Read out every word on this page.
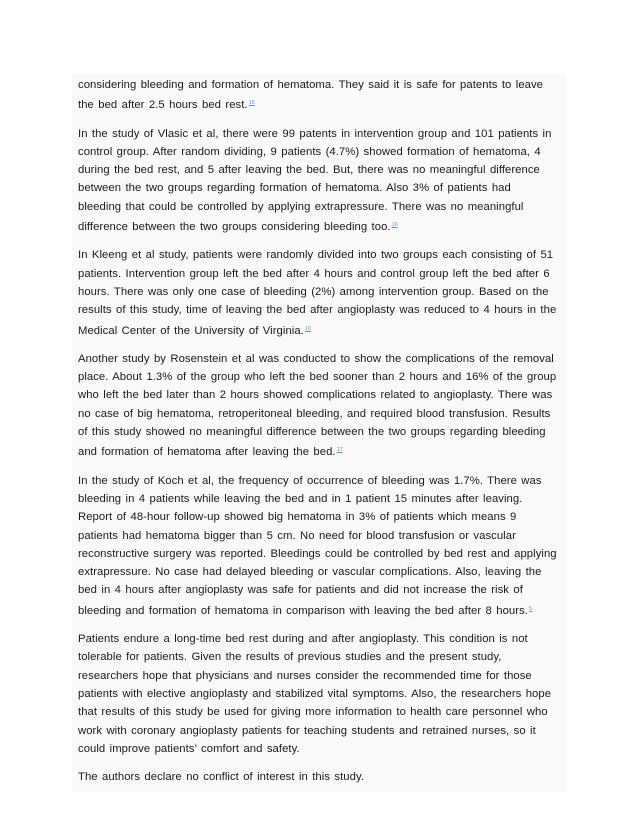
considering bleeding and formation of hematoma. They said it is safe for patents to leave the bed after 2.5 hours bed rest.$^{15}$

In the study of Vlasic et al, there were 99 patents in intervention group and 101 patients in control group. After random dividing, 9 patients (4.7%) showed formation of hematoma, 4 during the bed rest, and 5 after leaving the bed. But, there was no meaningful difference between the two groups regarding formation of hematoma. Also 3% of patients had bleeding that could be controlled by applying extrapressure. There was no meaningful difference between the two groups considering bleeding too.$^{16}$

In Kleeng et al study, patients were randomly divided into two groups each consisting of 51 patients. Intervention group left the bed after 4 hours and control group left the bed after 6 hours. There was only one case of bleeding (2%) among intervention group. Based on the results of this study, time of leaving the bed after angioplasty was reduced to 4 hours in the Medical Center of the University of Virginia.$^{10}$

Another study by Rosenstein et al was conducted to show the complications of the removal place. About 1.3% of the group who left the bed sooner than 2 hours and 16% of the group who left the bed later than 2 hours showed complications related to angioplasty. There was no case of big hematoma, retroperitoneal bleeding, and required blood transfusion. Results of this study showed no meaningful difference between the two groups regarding bleeding and formation of hematoma after leaving the bed.$^{17}$

In the study of Koch et al, the frequency of occurrence of bleeding was 1.7%. There was bleeding in 4 patients while leaving the bed and in 1 patient 15 minutes after leaving. Report of 48-hour follow-up showed big hematoma in 3% of patients which means 9 patients had hematoma bigger than 5 cm. No need for blood transfusion or vascular reconstructive surgery was reported. Bleedings could be controlled by bed rest and applying extrapressure. No case had delayed bleeding or vascular complications. Also, leaving the bed in 4 hours after angioplasty was safe for patients and did not increase the risk of bleeding and formation of hematoma in comparison with leaving the bed after 8 hours.$^5$

Patients endure a long-time bed rest during and after angioplasty. This condition is not tolerable for patients. Given the results of previous studies and the present study, researchers hope that physicians and nurses consider the recommended time for those patients with elective angioplasty and stabilized vital symptoms. Also, the researchers hope that results of this study be used for giving more information to health care personnel who work with coronary angioplasty patients for teaching students and retrained nurses, so it could improve patients’ comfort and safety.

The authors declare no conflict of interest in this study.
